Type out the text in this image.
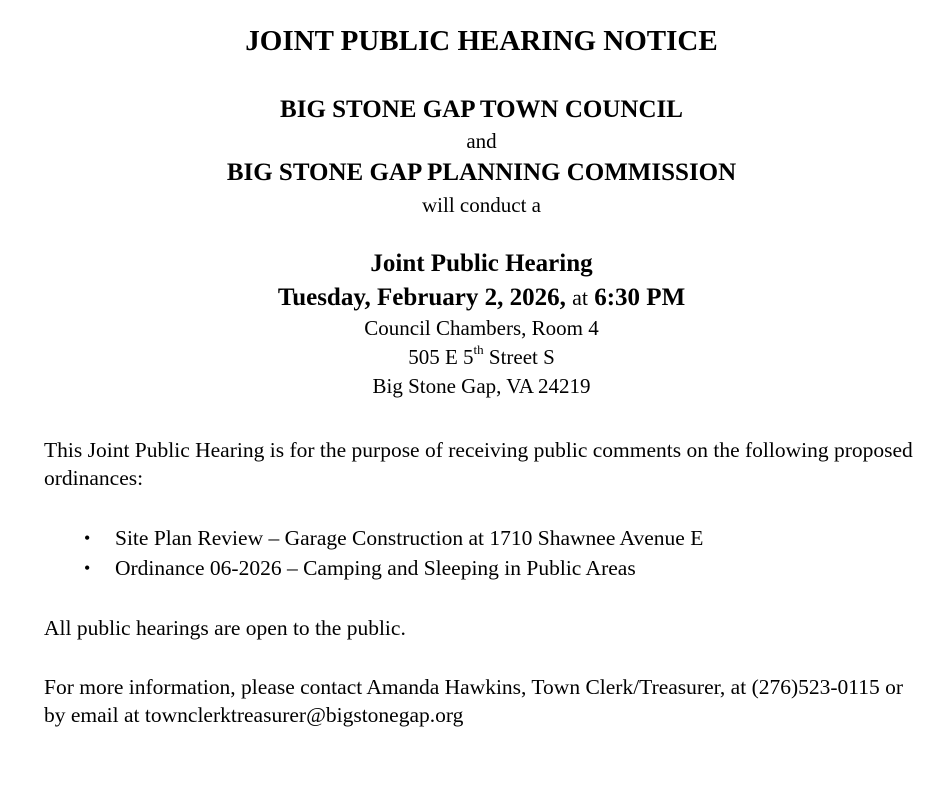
JOINT PUBLIC HEARING NOTICE
BIG STONE GAP TOWN COUNCIL
and
BIG STONE GAP PLANNING COMMISSION
will conduct a
Joint Public Hearing
Tuesday, February 2, 2026, at 6:30 PM
Council Chambers, Room 4
505 E 5th Street S
Big Stone Gap, VA 24219
This Joint Public Hearing is for the purpose of receiving public comments on the following proposed ordinances:
• Site Plan Review – Garage Construction at 1710 Shawnee Avenue E
• Ordinance 06-2026 – Camping and Sleeping in Public Areas
All public hearings are open to the public.
For more information, please contact Amanda Hawkins, Town Clerk/Treasurer, at (276)523-0115 or by email at townclerktreasurer@bigstonegap.org
